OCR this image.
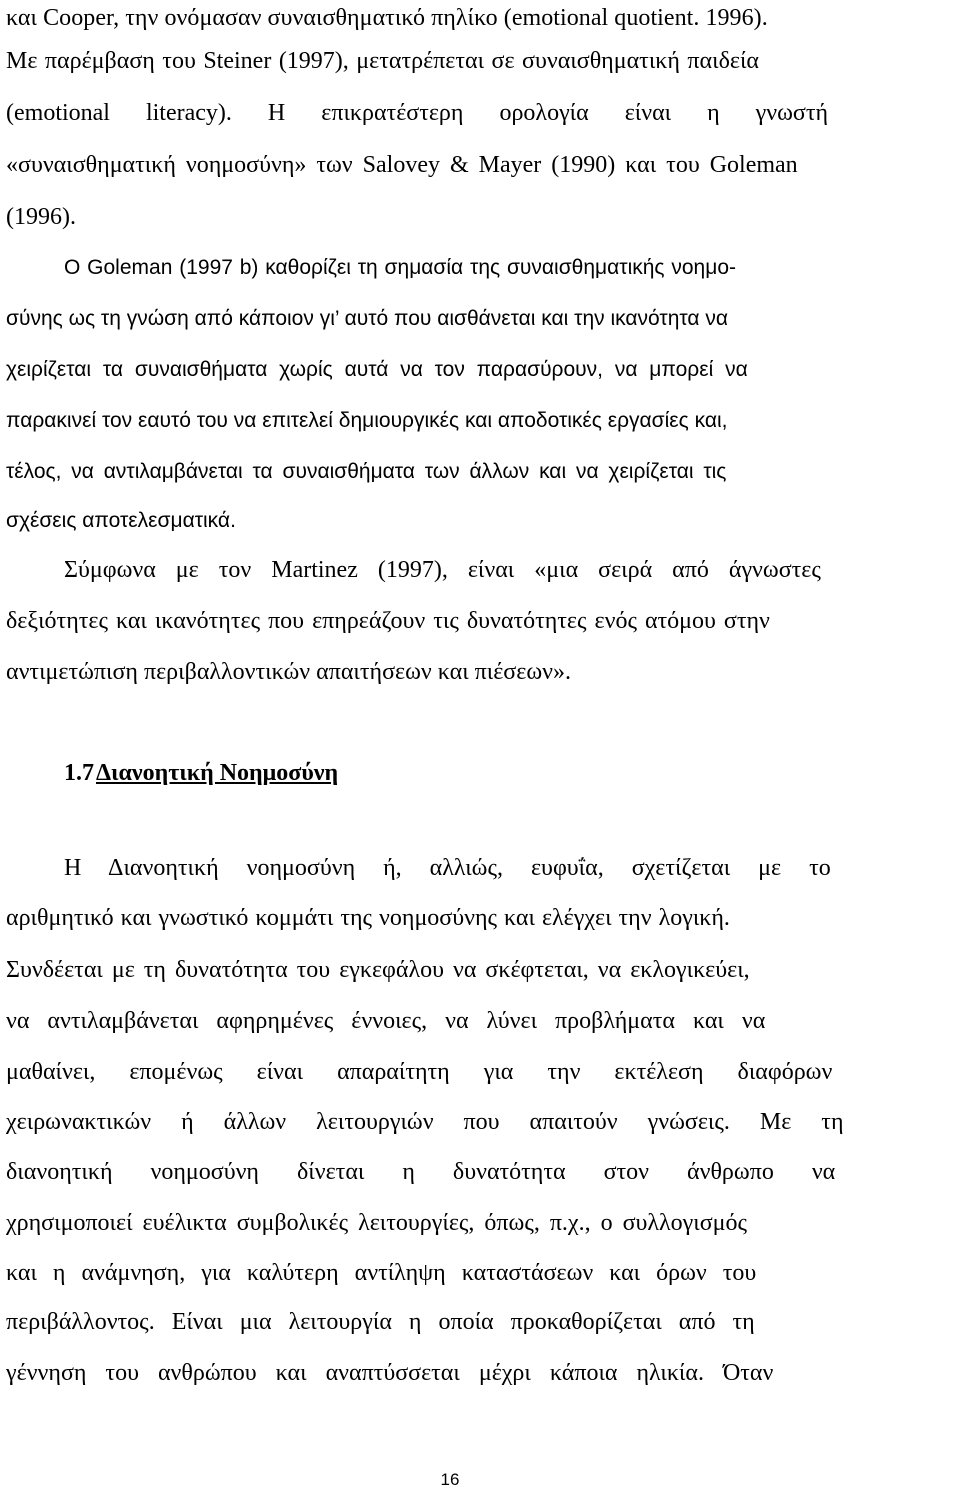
και Cooper, την ονόμασαν συναισθηματικό πηλίκο (emotional quotient. 1996).
Με παρέμβαση του Steiner (1997), μετατρέπεται σε συναισθηματική παιδεία
(emotional literacy). Η επικρατέστερη ορολογία είναι η γνωστή
«συναισθηματική νοημοσύνη» των Salovey & Mayer (1990) και του Goleman
(1996).
Ο Goleman (1997 b) καθορίζει τη σημασία της συναισθηματικής νοημο-
σύνης ως τη γνώση από κάποιον γι’ αυτό που αισθάνεται και την ικανότητα να
χειρίζεται τα συναισθήματα χωρίς αυτά να τον παρασύρουν, να μπορεί να
παρακινεί τον εαυτό του να επιτελεί δημιουργικές και αποδοτικές εργασίες και,
τέλος, να αντιλαμβάνεται τα συναισθήματα των άλλων και να χειρίζεται τις
σχέσεις αποτελεσματικά.
Σύμφωνα με τον Martinez (1997), είναι «μια σειρά από άγνωστες
δεξιότητες και ικανότητες που επηρεάζουν τις δυνατότητες ενός ατόμου στην
αντιμετώπιση περιβαλλοντικών απαιτήσεων και πιέσεων».
1.7 Διανοητική Νοημοσύνη
Η Διανοητική νοημοσύνη ή, αλλιώς, ευφυΐα, σχετίζεται με το
αριθμητικό και γνωστικό κομμάτι της νοημοσύνης και ελέγχει την λογική.
Συνδέεται με τη δυνατότητα του εγκεφάλου να σκέφτεται, να εκλογικεύει,
να αντιλαμβάνεται αφηρημένες έννοιες, να λύνει προβλήματα και να
μαθαίνει, επομένως είναι απαραίτητη για την εκτέλεση διαφόρων
χειρωνακτικών ή άλλων λειτουργιών που απαιτούν γνώσεις. Με τη
διανοητική νοημοσύνη δίνεται η δυνατότητα στον άνθρωπο να
χρησιμοποιεί ευέλικτα συμβολικές λειτουργίες, όπως, π.χ., ο συλλογισμός
και η ανάμνηση, για καλύτερη αντίληψη καταστάσεων και όρων του
περιβάλλοντος. Είναι μια λειτουργία η οποία προκαθορίζεται από τη
γέννηση του ανθρώπου και αναπτύσσεται μέχρι κάποια ηλικία. Όταν
16
